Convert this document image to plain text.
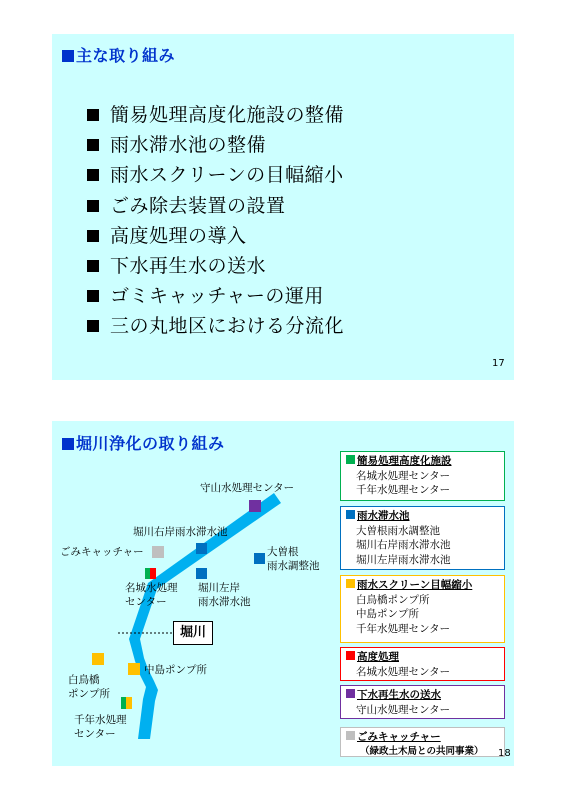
主な取り組み
簡易処理高度化施設の整備
雨水滞水池の整備
雨水スクリーンの目幅縮小
ごみ除去装置の設置
高度処理の導入
下水再生水の送水
ゴミキャッチャーの運用
三の丸地区における分流化
17
堀川浄化の取り組み
堀川
守山水処理センター
堀川右岸雨水滞水池
ごみキャッチャー	大曽根
雨水調整池
名城水処理
センター
堀川左岸
雨水滞水池
白鳥橋
ポンプ所
中島ポンプ所
千年水処理
センター
簡易処理高度化施設
名城水処理センター
千年水処理センター
雨水滞水池
大曽根雨水調整池
堀川右岸雨水滞水池
堀川左岸雨水滞水池
雨水スクリーン目幅縮小
白鳥橋ポンプ所
中島ポンプ所
千年水処理センター
高度処理
名城水処理センター
下水再生水の送水
守山水処理センター
ごみキャッチャー
（緑政土木局との共同事業）	18
